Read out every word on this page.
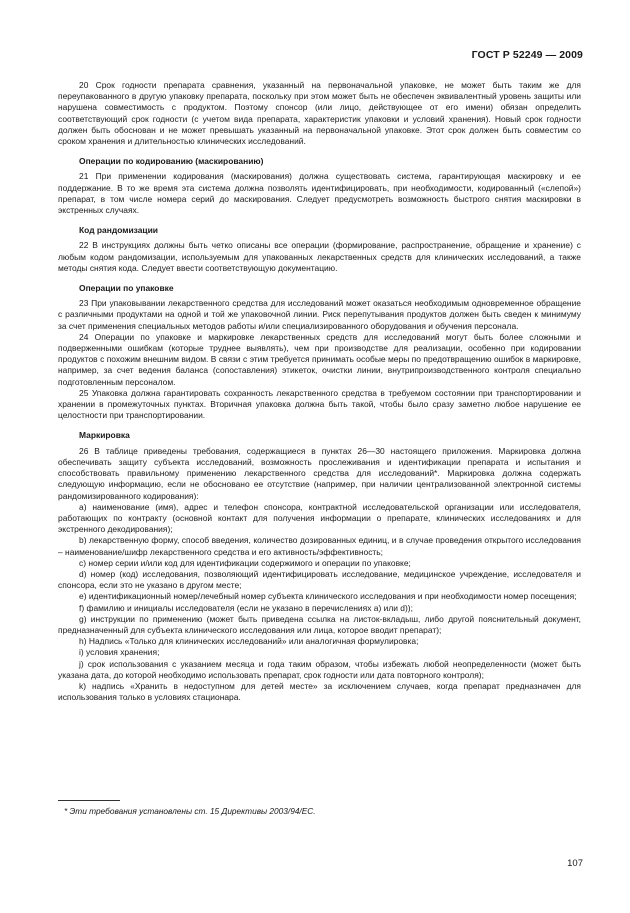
ГОСТ Р 52249 — 2009

20 Срок годности препарата сравнения, указанный на первоначальной упаковке, не может быть таким же для переупакованного в другую упаковку препарата, поскольку при этом может быть не обеспечен эквивалентный уровень защиты или нарушена совместимость с продуктом. Поэтому спонсор (или лицо, действующее от его имени) обязан определить соответствующий срок годности (с учетом вида препарата, характеристик упаковки и условий хранения). Новый срок годности должен быть обоснован и не может превышать указанный на первоначальной упаковке. Этот срок должен быть совместим со сроком хранения и длительностью клинических исследований.

Операции по кодированию (маскированию)

21 При применении кодирования (маскирования) должна существовать система, гарантирующая маскировку и ее поддержание. В то же время эта система должна позволять идентифицировать, при необходимости, кодированный («слепой») препарат, в том числе номера серий до маскирования. Следует предусмотреть возможность быстрого снятия маскировки в экстренных случаях.

Код рандомизации

22 В инструкциях должны быть четко описаны все операции (формирование, распространение, обращение и хранение) с любым кодом рандомизации, используемым для упакованных лекарственных средств для клинических исследований, а также методы снятия кода. Следует ввести соответствующую документацию.

Операции по упаковке

23 При упаковывании лекарственного средства для исследований может оказаться необходимым одновременное обращение с различными продуктами на одной и той же упаковочной линии. Риск перепутывания продуктов должен быть сведен к минимуму за счет применения специальных методов работы и/или специализированного оборудования и обучения персонала.

24 Операции по упаковке и маркировке лекарственных средств для исследований могут быть более сложными и подверженными ошибкам (которые труднее выявлять), чем при производстве для реализации, особенно при кодировании продуктов с похожим внешним видом. В связи с этим требуется принимать особые меры по предотвращению ошибок в маркировке, например, за счет ведения баланса (сопоставления) этикеток, очистки линии, внутрипроизводственного контроля специально подготовленным персоналом.

25 Упаковка должна гарантировать сохранность лекарственного средства в требуемом состоянии при транспортировании и хранении в промежуточных пунктах. Вторичная упаковка должна быть такой, чтобы было сразу заметно любое нарушение ее целостности при транспортировании.

Маркировка

26 В таблице приведены требования, содержащиеся в пунктах 26—30 настоящего приложения. Маркировка должна обеспечивать защиту субъекта исследований, возможность прослеживания и идентификации препарата и испытания и способствовать правильному применению лекарственного средства для исследований*. Маркировка должна содержать следующую информацию, если не обосновано ее отсутствие (например, при наличии централизованной электронной системы рандомизированного кодирования):

a) наименование (имя), адрес и телефон спонсора, контрактной исследовательской организации или исследователя, работающих по контракту (основной контакт для получения информации о препарате, клинических исследованиях и для экстренного декодирования);

b) лекарственную форму, способ введения, количество дозированных единиц, и в случае проведения открытого исследования – наименование/шифр лекарственного средства и его активность/эффективность;

c) номер серии и/или код для идентификации содержимого и операции по упаковке;

d) номер (код) исследования, позволяющий идентифицировать исследование, медицинское учреждение, исследователя и спонсора, если это не указано в другом месте;

e) идентификационный номер/лечебный номер субъекта клинического исследования и при необходимости номер посещения;

f) фамилию и инициалы исследователя (если не указано в перечислениях a) или d));

g) инструкции по применению (может быть приведена ссылка на листок-вкладыш, либо другой пояснительный документ, предназначенный для субъекта клинического исследования или лица, которое вводит препарат);

h) Надпись «Только для клинических исследований» или аналогичная формулировка;

i) условия хранения;

j) срок использования с указанием месяца и года таким образом, чтобы избежать любой неопределенности (может быть указана дата, до которой необходимо использовать препарат, срок годности или дата повторного контроля);

k) надпись «Хранить в недоступном для детей месте» за исключением случаев, когда препарат предназначен для использования только в условиях стационара.

* Эти требования установлены ст. 15 Директивы 2003/94/ЕС.
107
